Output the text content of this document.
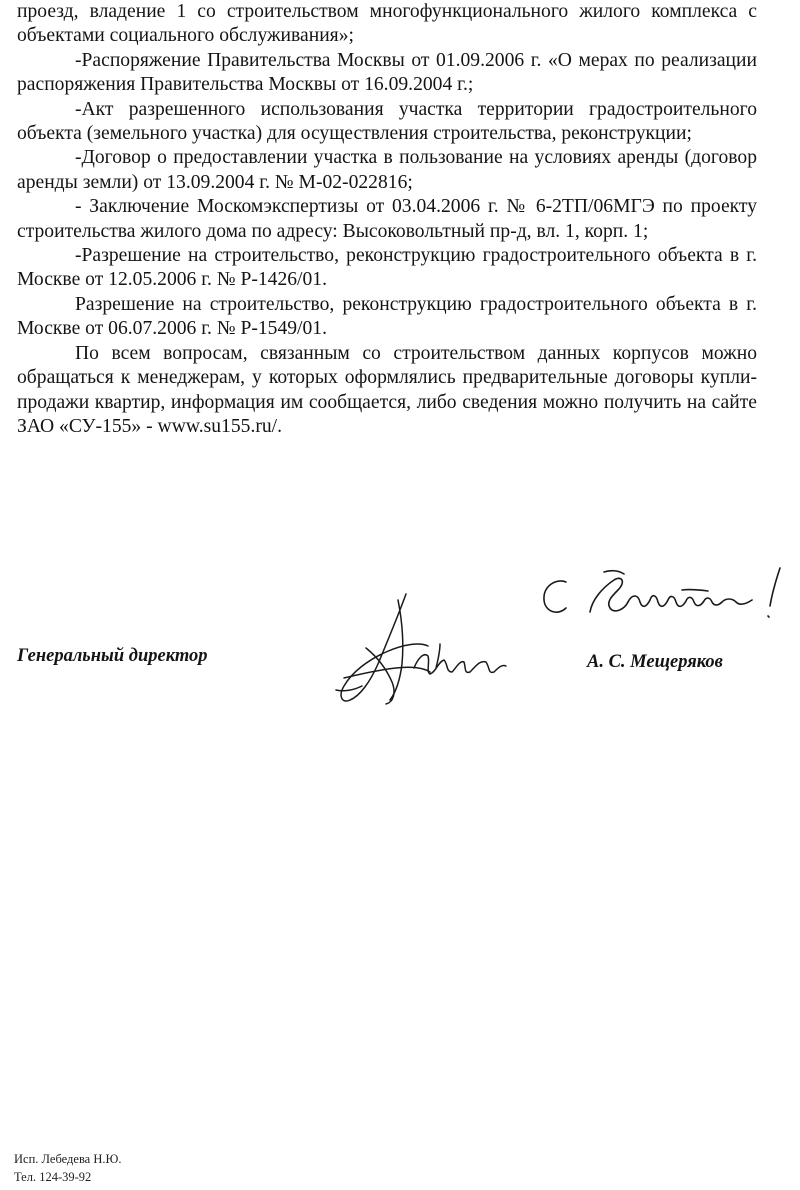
проезд, владение 1 со строительством многофункционального жилого комплекса с объектами социального обслуживания»;

-Распоряжение Правительства Москвы от 01.09.2006 г. «О мерах по реализации распоряжения Правительства Москвы от 16.09.2004 г.;

-Акт разрешенного использования участка территории градостроительного объекта (земельного участка) для осуществления строительства, реконструкции;

-Договор о предоставлении участка в пользование на условиях аренды (договор аренды земли) от 13.09.2004 г. № М-02-022816;

- Заключение Москомэкспертизы от 03.04.2006 г. № 6-2ТП/06МГЭ по проекту строительства жилого дома по адресу: Высоковольтный пр-д, вл. 1, корп. 1;

-Разрешение на строительство, реконструкцию градостроительного объекта в г. Москве от 12.05.2006 г. № Р-1426/01.

Разрешение на строительство, реконструкцию градостроительного объекта в г. Москве от 06.07.2006 г. № Р-1549/01.

По всем вопросам, связанным со строительством данных корпусов можно обращаться к менеджерам, у которых оформлялись предварительные договоры купли-продажи квартир, информация им сообщается, либо сведения можно получить на сайте ЗАО «СУ-155» - www.su155.ru/.

Генеральный директор	А. С. Мещеряков
Исп. Лебедева Н.Ю.
Тел. 124-39-92
